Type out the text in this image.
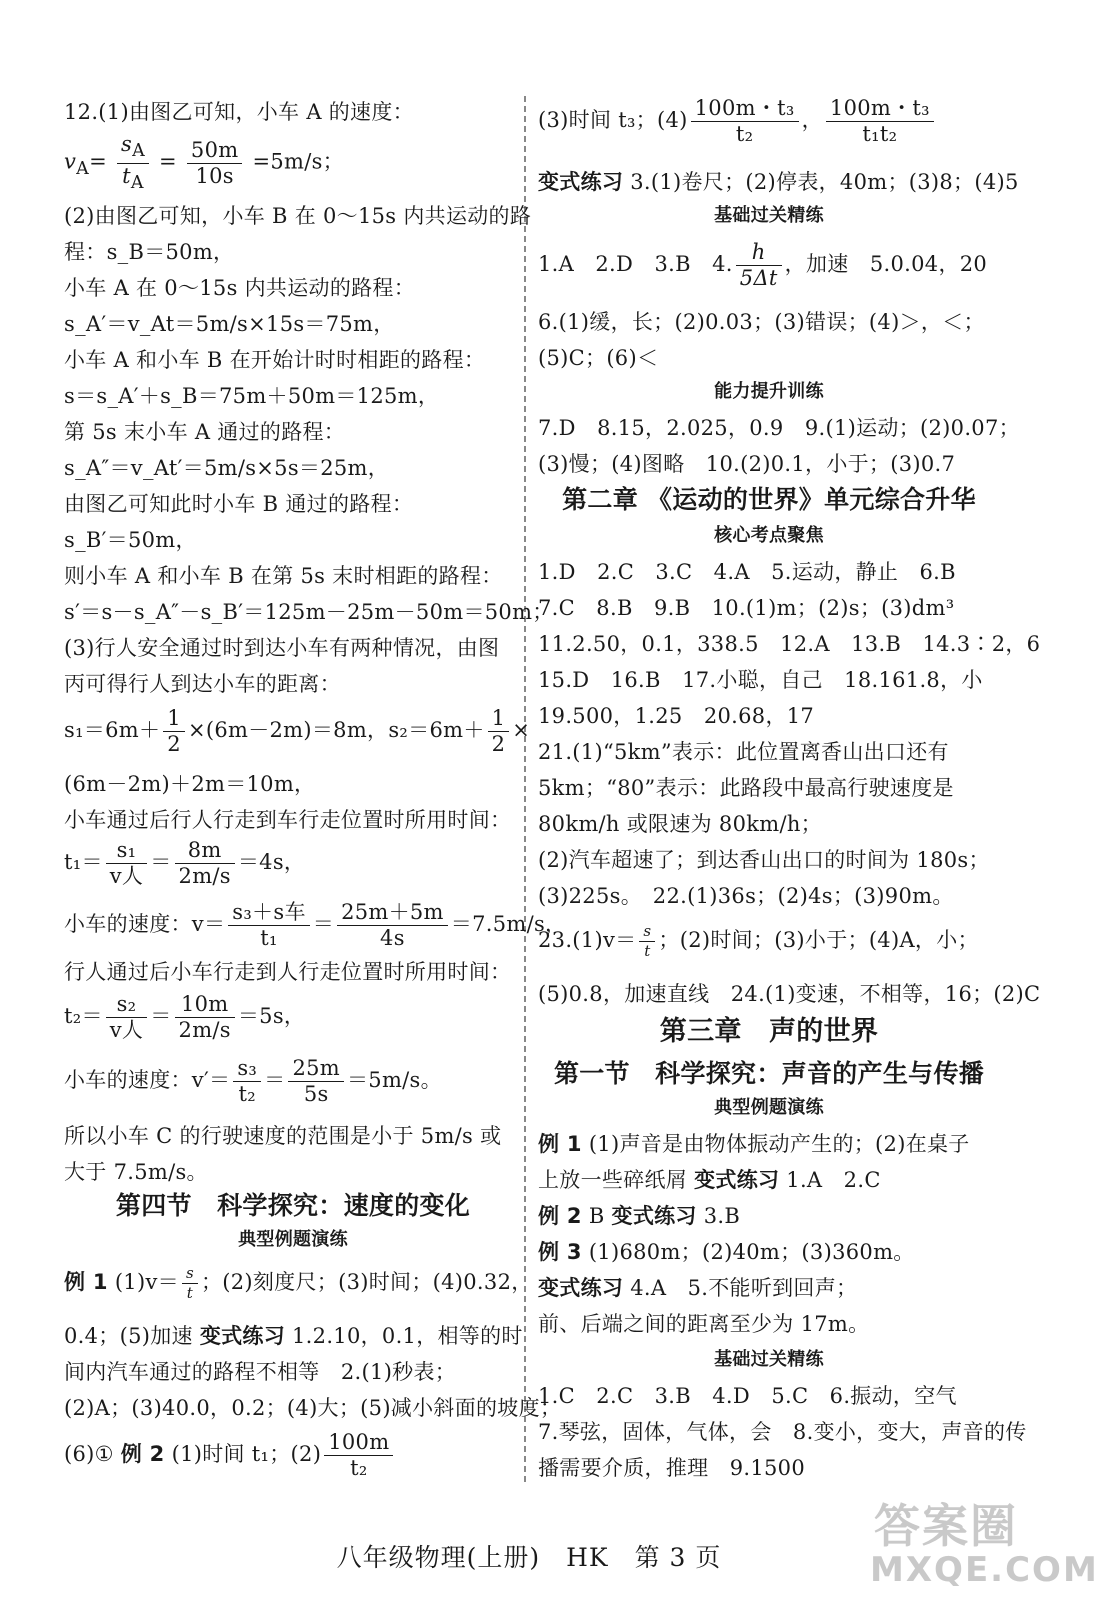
12.(1)由图乙可知，小车 A 的速度：
$v_A= \frac{s_A}{t_A} = \frac{50m}{10s} =5m/s$；
(2)由图乙可知，小车 B 在 0～15s 内共运动的路
程：s_B＝50m，
小车 A 在 0～15s 内共运动的路程：
s_A′＝v_At＝5m/s×15s＝75m，
小车 A 和小车 B 在开始计时时相距的路程：
s＝s_A′＋s_B＝75m＋50m＝125m，
第 5s 末小车 A 通过的路程：
s_A″＝v_At′＝5m/s×5s＝25m，
由图乙可知此时小车 B 通过的路程：
s_B′＝50m，
则小车 A 和小车 B 在第 5s 末时相距的路程：
s′＝s－s_A″－s_B′＝125m－25m－50m＝50m；
(3)行人安全通过时到达小车有两种情况，由图
丙可得行人到达小车的距离：
$s_1=6m+ \frac{1}{2} \times(6m-2m)=8m$，$s_2=6m+ \frac{1}{2}$ ×
(6m－2m)＋2m＝10m，
小车通过后行人行走到车行走位置时所用时间：
$t_1= \frac{\text{s₁}}{\text{v人}} = \frac{8m}{2m/s} =4s$，
小车的速度：$v= \frac{\text{s₃＋s车}}{\text{t₁}} = \frac{25m+5m}{4s} =7.5m/s$，
行人通过后小车行走到人行走位置时所用时间：
$t_2= \frac{\text{s₂}}{\text{v人}} = \frac{10m}{2m/s} =5s$，
小车的速度：$v'= \frac{\text{s₃}}{\text{t₂}} = \frac{25m}{5s} =5m/s$。
所以小车 C 的行驶速度的范围是小于 5m/s 或
大于 7.5m/s。
第四节　科学探究：速度的变化
典型例题演练
例 1 $(1)v= \frac{s}{t}$ ；(2)刻度尺；(3)时间；(4)0.32，
0.4；(5)加速 变式练习 1.2.10，0.1，相等的时
间内汽车通过的路程不相等　2.(1)秒表；
(2)A；(3)40.0，0.2；(4)大；(5)减小斜面的坡度；
(6)① 例 2 (1)时间 t₁；$(2) \frac{100m}{\text{t₂}}$
(3)时间 t₃；$(4) \frac{\text{100m・t₃}}{\text{t₂}}$ ， $\frac{\text{100m・t₃}}{\text{t₁t₂}}$
变式练习 3.(1)卷尺；(2)停表，40m；(3)8；(4)5
基础过关精练
1.A　2.D　3.B　4. $\frac{h}{5\Delta t}$ ，加速　5.0.04，20
6.(1)缓，长；(2)0.03；(3)错误；(4)＞，＜；
(5)C；(6)＜
能力提升训练
7.D　8.15，2.025，0.9　9.(1)运动；(2)0.07；
(3)慢；(4)图略　10.(2)0.1，小于；(3)0.7
第二章 《运动的世界》单元综合升华
核心考点聚焦
1.D　2.C　3.C　4.A　5.运动，静止　6.B
7.C　8.B　9.B　10.(1)m；(2)s；(3)dm³
11.2.50，0.1，338.5　12.A　13.B　14.3∶2，6
15.D　16.B　17.小聪，自己　18.161.8，小
19.500，1.25　20.68，17
21.(1)“5km”表示：此位置离香山出口还有
5km；“80”表示：此路段中最高行驶速度是
80km/h 或限速为 80km/h；
(2)汽车超速了；到达香山出口的时间为 180s；
(3)225s。　22.(1)36s；(2)4s；(3)90m。
$23.(1)v= \frac{s}{t}$ ；(2)时间；(3)小于；(4)A，小；
(5)0.8，加速直线　24.(1)变速，不相等，16；(2)C
第三章　声的世界
第一节　科学探究：声音的产生与传播
典型例题演练
例 1 (1)声音是由物体振动产生的；(2)在桌子
上放一些碎纸屑 变式练习 1.A　2.C
例 2 B 变式练习 3.B
例 3 (1)680m；(2)40m；(3)360m。
变式练习 4.A　5.不能听到回声；
前、后端之间的距离至少为 17m。
基础过关精练
1.C　2.C　3.B　4.D　5.C　6.振动，空气
7.琴弦，固体，气体，会　8.变小，变大，声音的传
播需要介质，推理　9.1500
八年级物理(上册)　HK　第 3 页
答案圈
MXQE.COM
